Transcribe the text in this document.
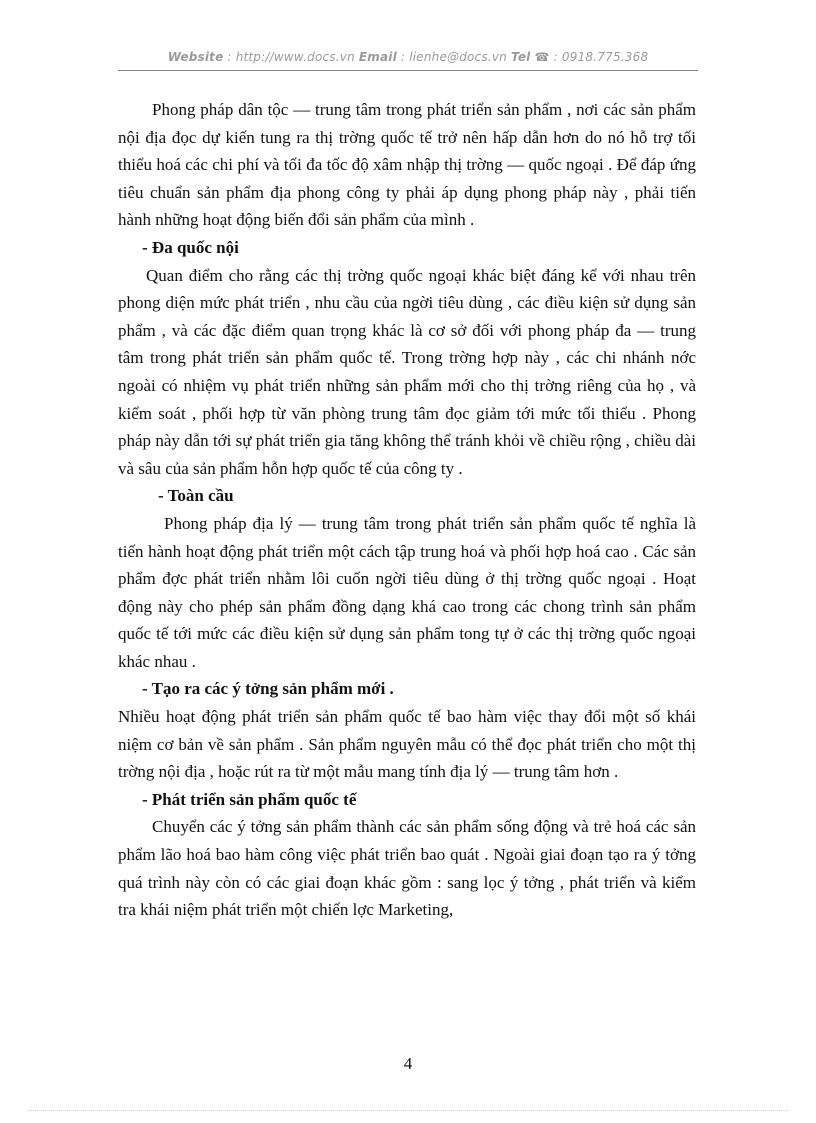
Website : http://www.docs.vn Email : lienhe@docs.vn Tel ☎ : 0918.775.368

Phong pháp dân tộc — trung tâm trong phát triển sản phẩm , nơi các sản phẩm nội địa đọc dự kiến tung ra thị trờng quốc tế trở nên hấp dẫn hơn do nó hỗ trợ tối thiểu hoá các chi phí và tối đa tốc độ xâm nhập thị trờng — quốc ngoại . Để đáp ứng tiêu chuẩn sản phẩm địa phong công ty phải áp dụng phong pháp này , phải tiến hành những hoạt động biến đổi sản phẩm của mình .

- Đa quốc nội

Quan điểm cho rằng các thị trờng quốc ngoại khác biệt đáng kể với nhau trên phong diện mức phát triển , nhu cầu của ngời tiêu dùng , các điều kiện sử dụng sản phẩm , và các đặc điểm quan trọng khác là cơ sở đối với phong pháp đa — trung tâm trong phát triển sản phẩm quốc tế. Trong trờng hợp này , các chi nhánh nớc ngoài có nhiệm vụ phát triển những sản phẩm mới cho thị trờng riêng của họ , và kiểm soát , phối hợp từ văn phòng trung tâm đọc giảm tới mức tối thiểu . Phong pháp này dẫn tới sự phát triển gia tăng không thể tránh khỏi về chiều rộng , chiều dài và sâu của sản phẩm hỗn hợp quốc tế của công ty .

- Toàn cầu

Phong pháp địa lý — trung tâm trong phát triển sản phẩm quốc tế nghĩa là tiến hành hoạt động phát triển một cách tập trung hoá và phối hợp hoá cao . Các sản phẩm đợc phát triển nhằm lôi cuốn ngời tiêu dùng ở thị trờng quốc ngoại . Hoạt động này cho phép sản phẩm đồng dạng khá cao trong các chong trình sản phẩm quốc tế tới mức các điều kiện sử dụng sản phẩm tong tự ở các thị trờng quốc ngoại khác nhau .

- Tạo ra các ý tởng sản phẩm mới .

Nhiều hoạt động phát triển sản phẩm quốc tế bao hàm việc thay đổi một số khái niệm cơ bản về sản phẩm . Sản phẩm nguyên mẫu có thể đọc phát triển cho một thị trờng nội địa , hoặc rút ra từ một mẫu mang tính địa lý — trung tâm hơn .

- Phát triển sản phẩm quốc tế

Chuyển các ý tởng sản phẩm thành các sản phẩm sống động và trẻ hoá các sản phẩm lão hoá bao hàm công việc phát triển bao quát . Ngoài giai đoạn tạo ra ý tởng quá trình này còn có các giai đoạn khác gồm : sang lọc ý tởng , phát triển và kiểm tra khái niệm phát triển một chiến lợc Marketing,

4
